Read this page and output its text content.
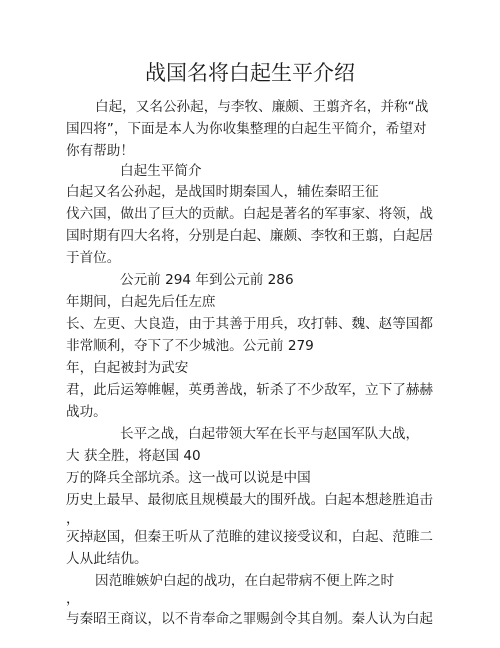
战国名将白起生平介绍
白起，又名公孙起，与李牧、廉颇、王翦齐名，并称“战
国四将”，下面是本人为你收集整理的白起生平简介，希望对
你有帮助！
白起生平简介
白起又名公孙起，是战国时期秦国人，辅佐秦昭王征
伐六国，做出了巨大的贡献。白起是著名的军事家、将领，战
国时期有四大名将，分别是白起、廉颇、李牧和王翦，白起居
于首位。
公元前 294 年到公元前 286
年期间，白起先后任左庶
长、左更、大良造，由于其善于用兵，攻打韩、魏、赵等国都
非常顺利，夺下了不少城池。公元前 279
年，白起被封为武安
君，此后运筹帷幄，英勇善战，斩杀了不少敌军，立下了赫赫
战功。
长平之战，白起带领大军在长平与赵国军队大战，
大 获全胜，将赵国 40
万的降兵全部坑杀。这一战可以说是中国
历史上最早、最彻底且规模最大的围歼战。白起本想趁胜追击
，
灭掉赵国，但秦王听从了范睢的建议接受议和，白起、范睢二
人从此结仇。
因范睢嫉妒白起的战功，在白起带病不便上阵之时
，
与秦昭王商议，以不肯奉命之罪赐剑令其自刎。秦人认为白起
